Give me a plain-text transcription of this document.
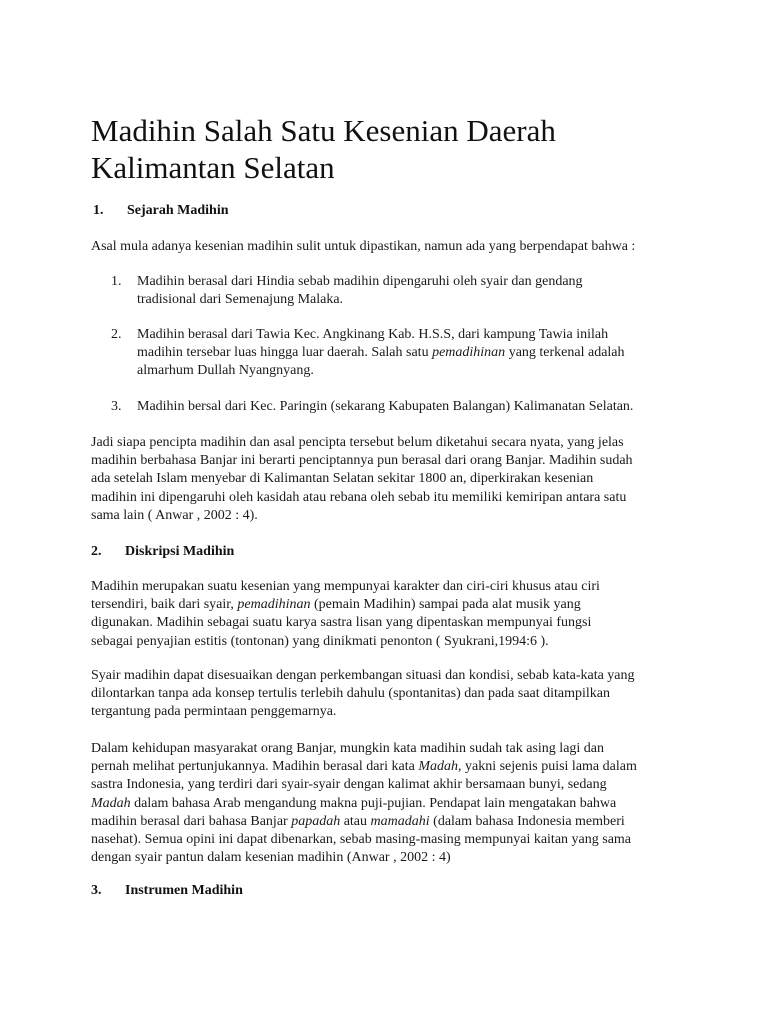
Madihin Salah Satu Kesenian Daerah Kalimantan Selatan
1. Sejarah Madihin

Asal mula adanya kesenian madihin sulit untuk dipastikan, namun ada yang berpendapat bahwa :

1. Madihin berasal dari Hindia sebab madihin dipengaruhi oleh syair dan gendang
tradisional dari Semenajung Malaka.
2. Madihin berasal dari Tawia Kec. Angkinang Kab. H.S.S, dari kampung Tawia inilah
madihin tersebar luas hingga luar daerah. Salah satu pemadihinan yang terkenal adalah
almarhum Dullah Nyangnyang.
3. Madihin bersal dari Kec. Paringin (sekarang Kabupaten Balangan) Kalimanatan Selatan.

Jadi siapa pencipta madihin dan asal pencipta tersebut belum diketahui secara nyata, yang jelas
madihin berbahasa Banjar ini berarti penciptannya pun berasal dari orang Banjar. Madihin sudah
ada setelah Islam menyebar di Kalimantan Selatan sekitar 1800 an, diperkirakan kesenian
madihin ini dipengaruhi oleh kasidah atau rebana oleh sebab itu memiliki kemiripan antara satu
sama lain ( Anwar , 2002 : 4).

2. Diskripsi Madihin

Madihin merupakan suatu kesenian yang mempunyai karakter dan ciri-ciri khusus atau ciri
tersendiri, baik dari syair, pemadihinan (pemain Madihin) sampai pada alat musik yang
digunakan. Madihin sebagai suatu karya sastra lisan yang dipentaskan mempunyai fungsi
sebagai penyajian estitis (tontonan) yang dinikmati penonton ( Syukrani,1994:6 ).

Syair madihin dapat disesuaikan dengan perkembangan situasi dan kondisi, sebab kata-kata yang
dilontarkan tanpa ada konsep tertulis terlebih dahulu (spontanitas) dan pada saat ditampilkan
tergantung pada permintaan penggemarnya.

Dalam kehidupan masyarakat orang Banjar, mungkin kata madihin sudah tak asing lagi dan
pernah melihat pertunjukannya. Madihin berasal dari kata Madah, yakni sejenis puisi lama dalam
sastra Indonesia, yang terdiri dari syair-syair dengan kalimat akhir bersamaan bunyi, sedang
Madah dalam bahasa Arab mengandung makna puji-pujian. Pendapat lain mengatakan bahwa
madihin berasal dari bahasa Banjar papadah atau mamadahi (dalam bahasa Indonesia memberi
nasehat). Semua opini ini dapat dibenarkan, sebab masing-masing mempunyai kaitan yang sama
dengan syair pantun dalam kesenian madihin (Anwar , 2002 : 4)

3. Instrumen Madihin
